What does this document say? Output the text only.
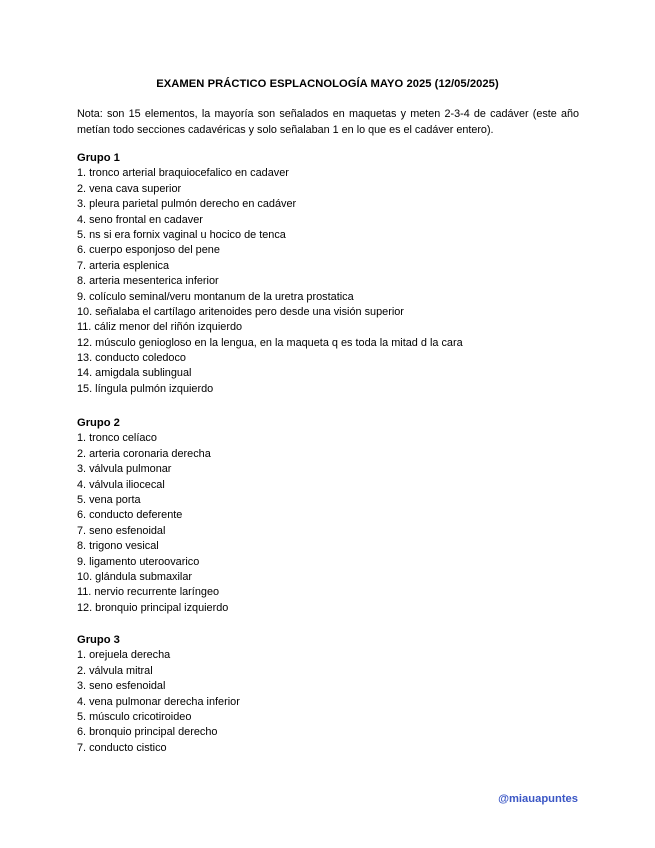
EXAMEN PRÁCTICO ESPLACNOLOGÍA MAYO 2025 (12/05/2025)
Nota: son 15 elementos, la mayoría son señalados en maquetas y meten 2-3-4 de cadáver (este año metían todo secciones cadavéricas y solo señalaban 1 en lo que es el cadáver entero).
Grupo 1
1. tronco arterial braquiocefalico en cadaver
2. vena cava superior
3. pleura parietal pulmón derecho en cadáver
4. seno frontal en cadaver
5. ns si era fornix vaginal u hocico de tenca
6. cuerpo esponjoso del pene
7. arteria esplenica
8. arteria mesenterica inferior
9. colículo seminal/veru montanum de la uretra prostatica
10. señalaba el cartílago aritenoides pero desde una visión superior
11. cáliz menor del riñón izquierdo
12. músculo geniogloso en la lengua, en la maqueta q es toda la mitad d la cara
13. conducto coledoco
14. amigdala sublingual
15. língula pulmón izquierdo
Grupo 2
1. tronco celíaco
2. arteria coronaria derecha
3. válvula pulmonar
4. válvula iliocecal
5. vena porta
6. conducto deferente
7. seno esfenoidal
8. trigono vesical
9. ligamento uteroovarico
10. glándula submaxilar
11. nervio recurrente laríngeo
12. bronquio principal izquierdo
Grupo 3
1. orejuela derecha
2. válvula mitral
3. seno esfenoidal
4. vena pulmonar derecha inferior
5. músculo cricotiroideo
6. bronquio principal derecho
7. conducto cistico
@miauapuntes
